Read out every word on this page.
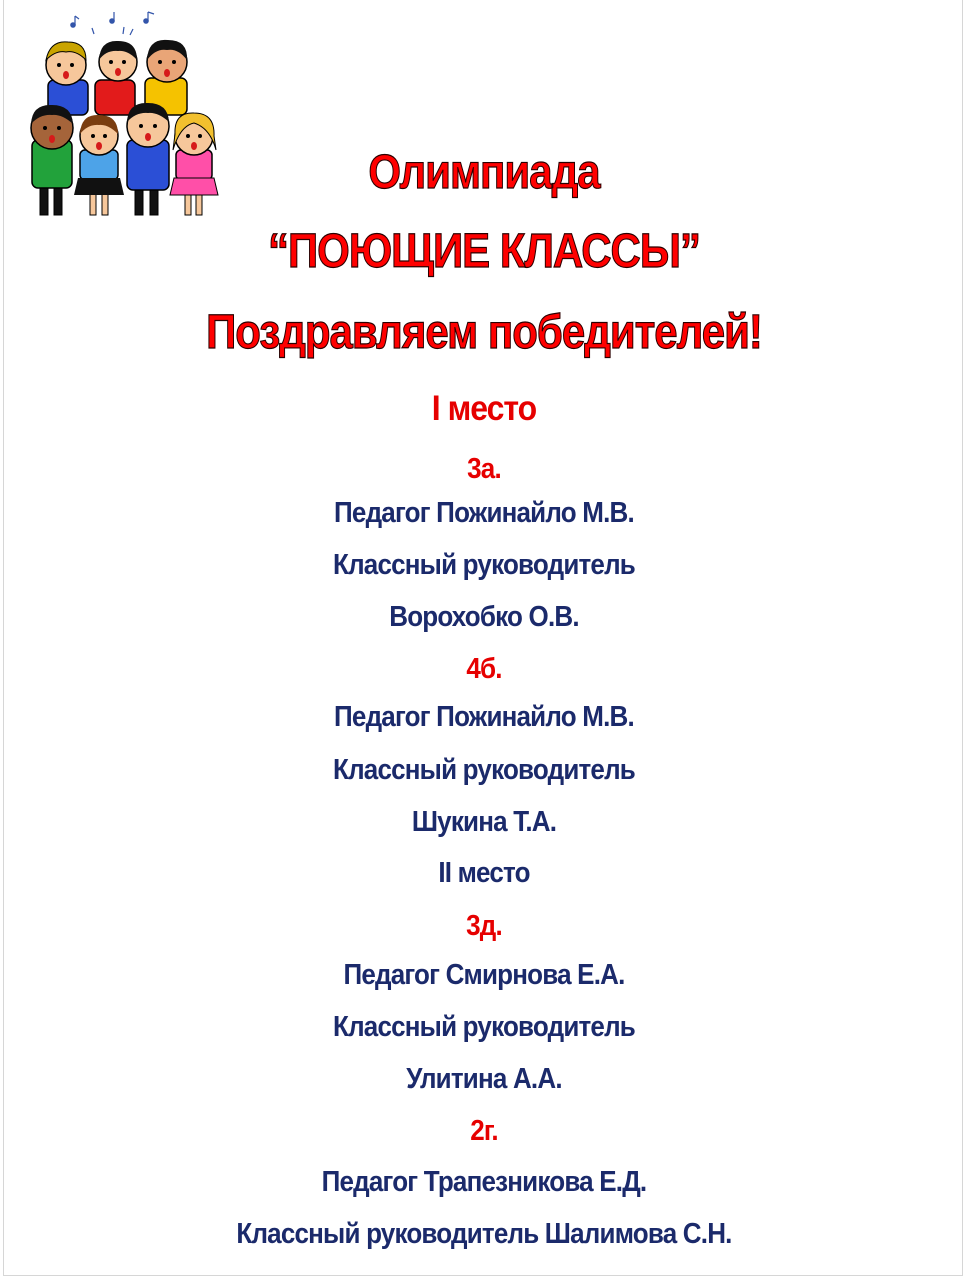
Олимпиада
“ПОЮЩИЕ КЛАССЫ”
Поздравляем победителей!
I место
3а.
Педагог Пожинайло М.В.
Классный руководитель
Ворохобко О.В.
4б.
Педагог Пожинайло М.В.
Классный руководитель
Шукина Т.А.
II место
3д.
Педагог Смирнова Е.А.
Классный руководитель
Улитина А.А.
2г.
Педагог Трапезникова Е.Д.
Классный руководитель Шалимова С.Н.
